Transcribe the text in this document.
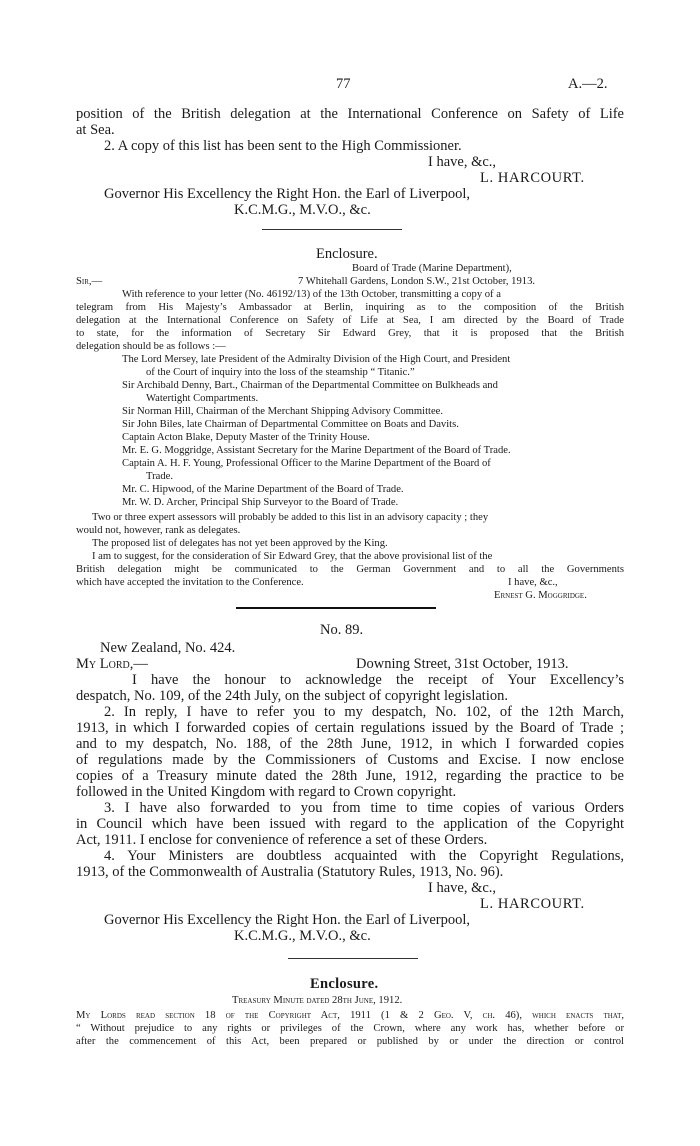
77	A.—2.
position of the British delegation at the International Conference on Safety of Life
at Sea.
2. A copy of this list has been sent to the High Commissioner.
I have, &c.,
L. HARCOURT.
Governor His Excellency the Right Hon. the Earl of Liverpool,
K.C.M.G., M.V.O., &c.
Enclosure.
Board of Trade (Marine Department),
Sir,—	7 Whitehall Gardens, London S.W., 21st October, 1913.
With reference to your letter (No. 46192/13) of the 13th October, transmitting a copy of a
telegram from His Majesty’s Ambassador at Berlin, inquiring as to the composition of the British
delegation at the International Conference on Safety of Life at Sea, I am directed by the Board of Trade
to state, for the information of Secretary Sir Edward Grey, that it is proposed that the British
delegation should be as follows :—
The Lord Mersey, late President of the Admiralty Division of the High Court, and President
of the Court of inquiry into the loss of the steamship “ Titanic.”
Sir Archibald Denny, Bart., Chairman of the Departmental Committee on Bulkheads and
Watertight Compartments.
Sir Norman Hill, Chairman of the Merchant Shipping Advisory Committee.
Sir John Biles, late Chairman of Departmental Committee on Boats and Davits.
Captain Acton Blake, Deputy Master of the Trinity House.
Mr. E. G. Moggridge, Assistant Secretary for the Marine Department of the Board of Trade.
Captain A. H. F. Young, Professional Officer to the Marine Department of the Board of
Trade.
Mr. C. Hipwood, of the Marine Department of the Board of Trade.
Mr. W. D. Archer, Principal Ship Surveyor to the Board of Trade.
Two or three expert assessors will probably be added to this list in an advisory capacity ; they
would not, however, rank as delegates.
The proposed list of delegates has not yet been approved by the King.
I am to suggest, for the consideration of Sir Edward Grey, that the above provisional list of the
British delegation might be communicated to the German Government and to all the Governments
which have accepted the invitation to the Conference.	I have, &c.,
Ernest G. Moggridge.
No. 89.
New Zealand, No. 424.
My Lord,—	Downing Street, 31st October, 1913.
I have the honour to acknowledge the receipt of Your Excellency’s
despatch, No. 109, of the 24th July, on the subject of copyright legislation.
2. In reply, I have to refer you to my despatch, No. 102, of the 12th March,
1913, in which I forwarded copies of certain regulations issued by the Board of Trade ;
and to my despatch, No. 188, of the 28th June, 1912, in which I forwarded copies
of regulations made by the Commissioners of Customs and Excise. I now enclose
copies of a Treasury minute dated the 28th June, 1912, regarding the practice to be
followed in the United Kingdom with regard to Crown copyright.
3. I have also forwarded to you from time to time copies of various Orders
in Council which have been issued with regard to the application of the Copyright
Act, 1911. I enclose for convenience of reference a set of these Orders.
4. Your Ministers are doubtless acquainted with the Copyright Regulations,
1913, of the Commonwealth of Australia (Statutory Rules, 1913, No. 96).
I have, &c.,
L. HARCOURT.
Governor His Excellency the Right Hon. the Earl of Liverpool,
K.C.M.G., M.V.O., &c.
Enclosure.
Treasury Minute dated 28th June, 1912.
My Lords read section 18 of the Copyright Act, 1911 (1 & 2 Geo. V, ch. 46), which enacts that,
“ Without prejudice to any rights or privileges of the Crown, where any work has, whether before or
after the commencement of this Act, been prepared or published by or under the direction or control
